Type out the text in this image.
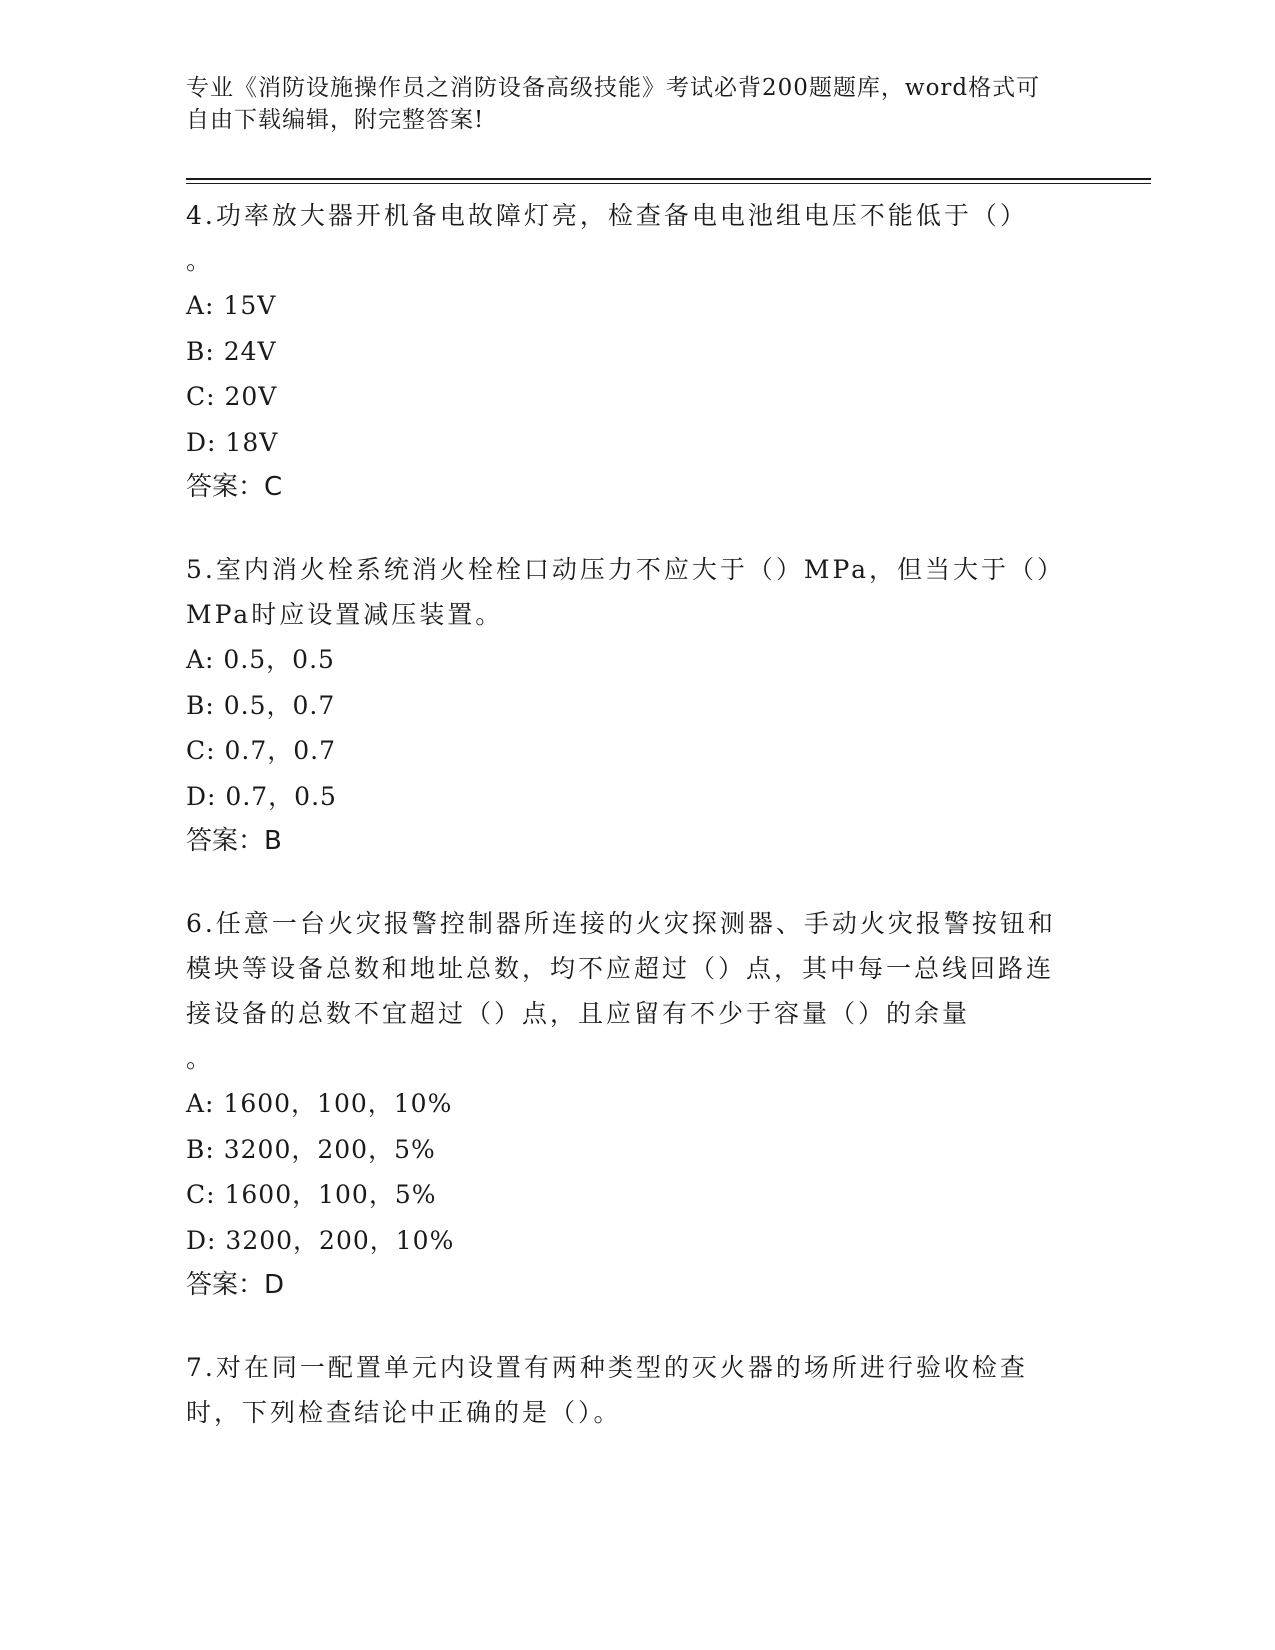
专业《消防设施操作员之消防设备高级技能》考试必背200题题库，word格式可
自由下载编辑，附完整答案!

4.功率放大器开机备电故障灯亮，检查备电电池组电压不能低于（）

。

A: 15V

B: 24V

C: 20V

D: 18V

答案：C

5.室内消火栓系统消火栓栓口动压力不应大于（）MPa，但当大于（）MPa时应设置减压装置。

A: 0.5，0.5

B: 0.5，0.7

C: 0.7，0.7

D: 0.7，0.5

答案：B

6.任意一台火灾报警控制器所连接的火灾探测器、手动火灾报警按钮和模块等设备总数和地址总数，均不应超过（）点，其中每一总线回路连接设备的总数不宜超过（）点，且应留有不少于容量（）的余量

。

A: 1600，100，10%

B: 3200，200，5%

C: 1600，100，5%

D: 3200，200，10%

答案：D

7.对在同一配置单元内设置有两种类型的灭火器的场所进行验收检查时，下列检查结论中正确的是（）。
